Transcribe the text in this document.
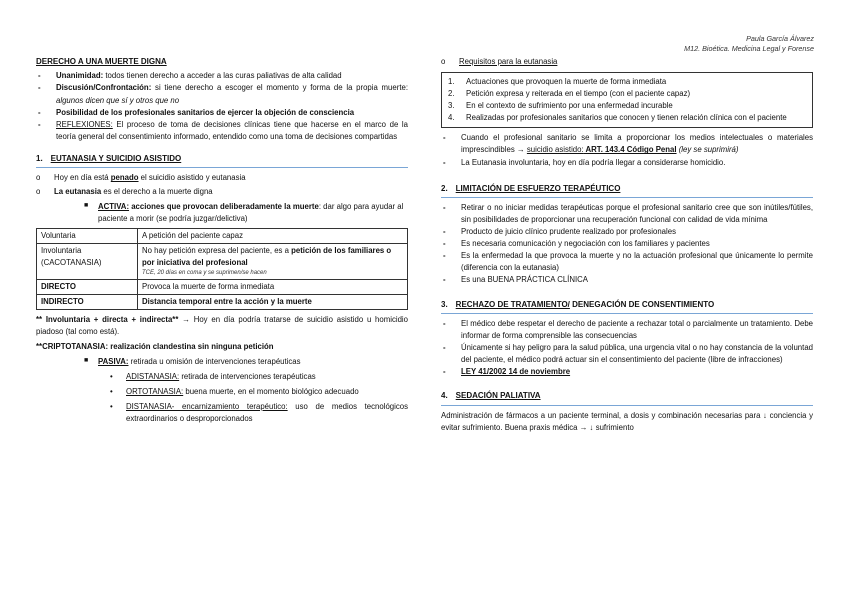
Paula García Álvarez
M12. Bioética. Medicina Legal y Forense
DERECHO A UNA MUERTE DIGNA
-	Unanimidad: todos tienen derecho a acceder a las curas paliativas de alta calidad
-	Discusión/Confrontación: si tiene derecho a escoger el momento y forma de la propia muerte: algunos dicen que sí y otros que no
-	Posibilidad de los profesionales sanitarios de ejercer la objeción de consciencia
-	REFLEXIONES: El proceso de toma de decisiones clínicas tiene que hacerse en el marco de la teoría general del consentimiento informado, entendido como una toma de decisiones compartidas
1. EUTANASIA Y SUICIDIO ASISTIDO
o	Hoy en día está penado el suicidio asistido y eutanasia
o	La eutanasia es el derecho a la muerte digna
■ ACTIVA: acciones que provocan deliberadamente la muerte: dar algo para ayudar al paciente a morir (se podría juzgar/delictiva)
Voluntaria	A petición del paciente capaz
Involuntaria (CACOTANASIA)	No hay petición expresa del paciente, es a petición de los familiares o por iniciativa del profesional
TCE, 20 días en coma y se suprimen/se hacen

DIRECTO	Provoca la muerte de forma inmediata
INDIRECTO	Distancia temporal entre la acción y la muerte
** Involuntaria + directa + indirecta** → Hoy en día podría tratarse de suicidio asistido u homicidio piadoso (tal como está).
**CRIPTOTANASIA: realización clandestina sin ninguna petición
■ PASIVA: retirada u omisión de intervenciones terapéuticas
•	ADISTANASIA: retirada de intervenciones terapéuticas
•	ORTOTANASIA: buena muerte, en el momento biológico adecuado
•	DISTANASIA- encarnizamiento terapéutico: uso de medios tecnológicos extraordinarios o desproporcionados
o	Requisitos para la eutanasia
1. Actuaciones que provoquen la muerte de forma inmediata
2. Petición expresa y reiterada en el tiempo (con el paciente capaz)
3. En el contexto de sufrimiento por una enfermedad incurable
4. Realizadas por profesionales sanitarios que conocen y tienen relación clínica con el paciente
-	Cuando el profesional sanitario se limita a proporcionar los medios intelectuales o materiales imprescindibles → suicidio asistido: ART. 143.4 Código Penal (ley se suprimirá)
-	La Eutanasia involuntaria, hoy en día podría llegar a considerarse homicidio.
2. LIMITACIÓN DE ESFUERZO TERAPÉUTICO
-	Retirar o no iniciar medidas terapéuticas porque el profesional sanitario cree que son inútiles/fútiles, sin posibilidades de proporcionar una recuperación funcional con calidad de vida mínima
-	Producto de juicio clínico prudente realizado por profesionales
-	Es necesaria comunicación y negociación con los familiares y pacientes
-	Es la enfermedad la que provoca la muerte y no la actuación profesional que únicamente lo permite (diferencia con la eutanasia)
-	Es una BUENA PRÁCTICA CLÍNICA
3. RECHAZO DE TRATAMIENTO/ DENEGACIÓN DE CONSENTIMIENTO
-	El médico debe respetar el derecho de paciente a rechazar total o parcialmente un tratamiento. Debe informar de forma comprensible las consecuencias
-	Únicamente si hay peligro para la salud pública, una urgencia vital o no hay constancia de la voluntad del paciente, el médico podrá actuar sin el consentimiento del paciente (libre de infracciones)
-	LEY 41/2002 14 de noviembre
4. SEDACIÓN PALIATIVA
Administración de fármacos a un paciente terminal, a dosis y combinación necesarias para ↓ conciencia y evitar sufrimiento. Buena praxis médica → ↓ sufrimiento
